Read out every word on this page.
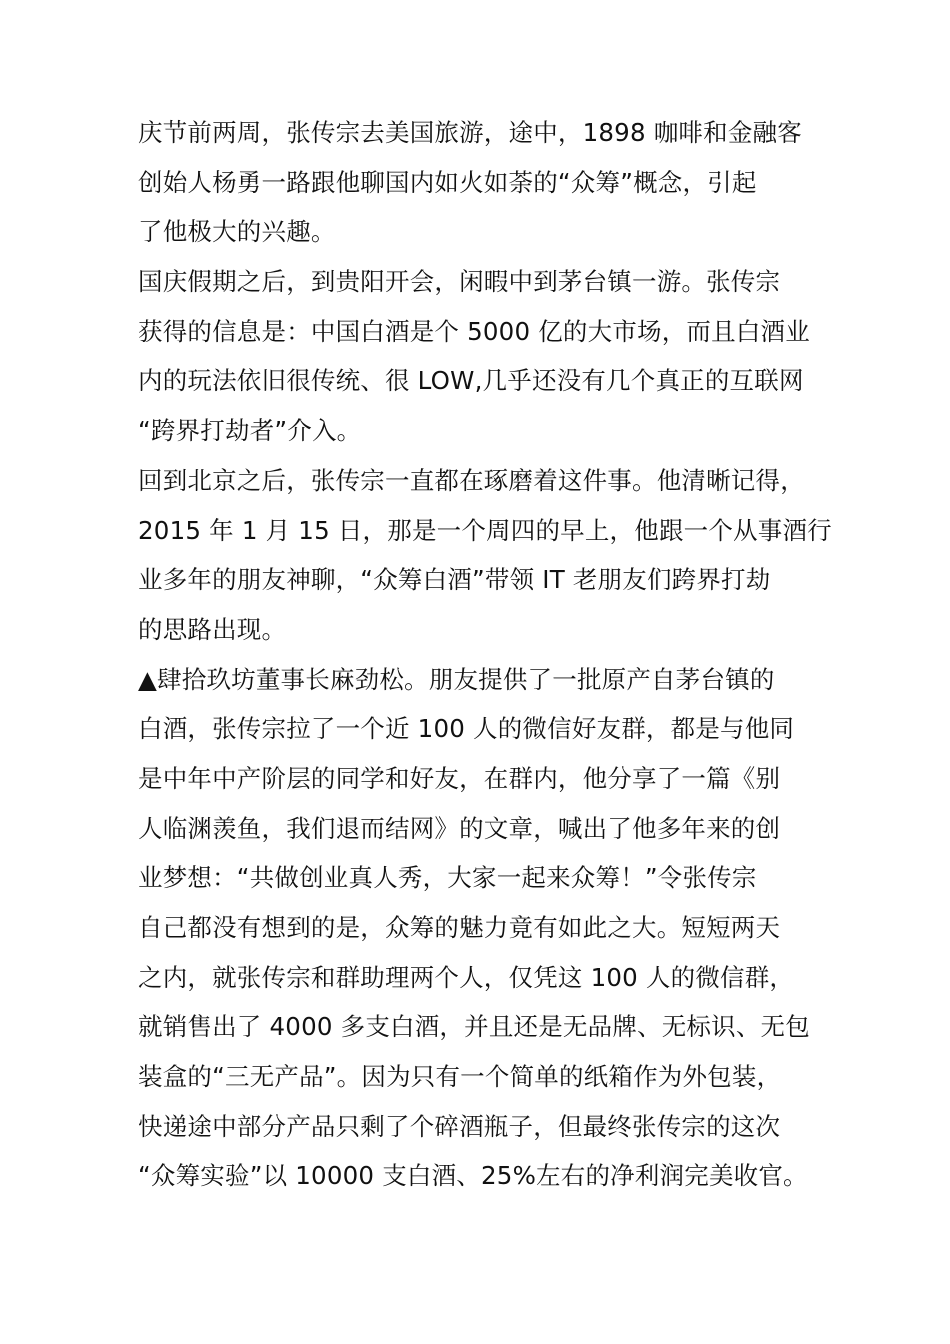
庆节前两周，张传宗去美国旅游，途中，1898 咖啡和金融客
创始人杨勇一路跟他聊国内如火如荼的“众筹”概念，引起
了他极大的兴趣。
国庆假期之后，到贵阳开会，闲暇中到茅台镇一游。张传宗
获得的信息是：中国白酒是个 5000 亿的大市场，而且白酒业
内的玩法依旧很传统、很 LOW,几乎还没有几个真正的互联网
“跨界打劫者”介入。
回到北京之后，张传宗一直都在琢磨着这件事。他清晰记得，
2015 年 1 月 15 日，那是一个周四的早上，他跟一个从事酒行
业多年的朋友神聊，“众筹白酒”带领 IT 老朋友们跨界打劫
的思路出现。
▲肆拾玖坊董事长麻劲松。朋友提供了一批原产自茅台镇的
白酒，张传宗拉了一个近 100 人的微信好友群，都是与他同
是中年中产阶层的同学和好友，在群内，他分享了一篇《别
人临渊羡鱼，我们退而结网》的文章，喊出了他多年来的创
业梦想：“共做创业真人秀，大家一起来众筹！”令张传宗
自己都没有想到的是，众筹的魅力竟有如此之大。短短两天
之内，就张传宗和群助理两个人，仅凭这 100 人的微信群，
就销售出了 4000 多支白酒，并且还是无品牌、无标识、无包
装盒的“三无产品”。因为只有一个简单的纸箱作为外包装，
快递途中部分产品只剩了个碎酒瓶子，但最终张传宗的这次
“众筹实验”以 10000 支白酒、25%左右的净利润完美收官。
